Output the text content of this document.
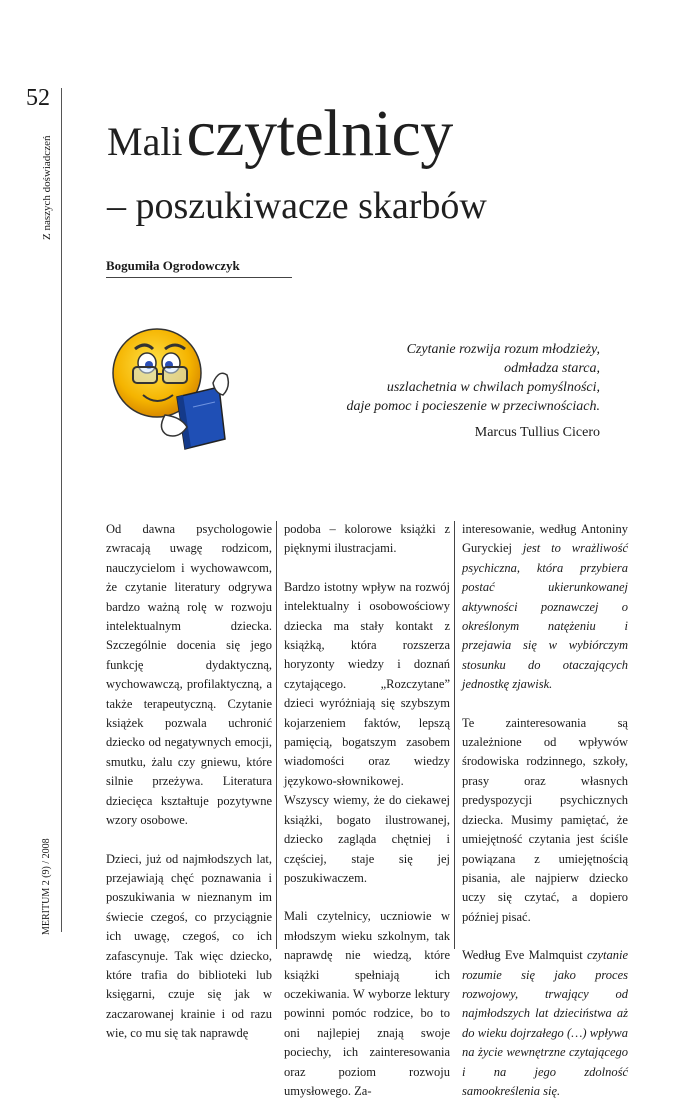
52
Z naszych doświadczeń
MERITUM 2 (9) / 2008
Mali czytelnicy
– poszukiwacze skarbów
Bogumiła Ogrodowczyk

Czytanie rozwija rozum młodzieży,

odmładza starca,

uszlachetnia w chwilach pomyślności,

daje pomoc i pocieszenie w przeciwnościach.

Marcus Tullius Cicero

Od dawna psychologowie zwracają uwagę rodzicom, nauczycielom i wychowawcom, że czytanie literatury odgrywa bardzo ważną rolę w rozwoju intelektualnym dziecka. Szczególnie docenia się jego funkcję dydaktyczną, wychowawczą, profilaktyczną, a także terapeutyczną. Czytanie książek pozwala uchronić dziecko od negatywnych emocji, smutku, żalu czy gniewu, które silnie przeżywa. Literatura dziecięca kształtuje pozytywne wzory osobowe.

Dzieci, już od najmłodszych lat, przejawiają chęć poznawania i poszukiwania w nieznanym im świecie czegoś, co przyciągnie ich uwagę, czegoś, co ich zafascynuje. Tak więc dziecko, które trafia do biblioteki lub księgarni, czuje się jak w zaczarowanej krainie i od razu wie, co mu się tak naprawdę

podoba – kolorowe książki z pięknymi ilustracjami.

Bardzo istotny wpływ na rozwój intelektualny i osobowościowy dziecka ma stały kontakt z książką, która rozszerza horyzonty wiedzy i doznań czytającego. „Rozczytane” dzieci wyróżniają się szybszym kojarzeniem faktów, lepszą pamięcią, bogatszym zasobem wiadomości oraz wiedzy językowo-słownikowej. Wszyscy wiemy, że do ciekawej książki, bogato ilustrowanej, dziecko zagląda chętniej i częściej, staje się jej poszukiwaczem.

Mali czytelnicy, uczniowie w młodszym wieku szkolnym, tak naprawdę nie wiedzą, które książki spełniają ich oczekiwania. W wyborze lektury powinni pomóc rodzice, bo to oni najlepiej znają swoje pociechy, ich zainteresowania oraz poziom rozwoju umysłowego. Za-

interesowanie, według Antoniny Guryckiej jest to wrażliwość psychiczna, która przybiera postać ukierunkowanej aktywności poznawczej o określonym natężeniu i przejawia się w wybiórczym stosunku do otaczających jednostkę zjawisk.

Te zainteresowania są uzależnione od wpływów środowiska rodzinnego, szkoły, prasy oraz własnych predyspozycji psychicznych dziecka. Musimy pamiętać, że umiejętność czytania jest ściśle powiązana z umiejętnością pisania, ale najpierw dziecko uczy się czytać, a dopiero później pisać.

Według Eve Malmquist czytanie rozumie się jako proces rozwojowy, trwający od najmłodszych lat dzieciństwa aż do wieku dojrzałego (…) wpływa na życie wewnętrzne czytającego i na jego zdolność samookreślenia się.
